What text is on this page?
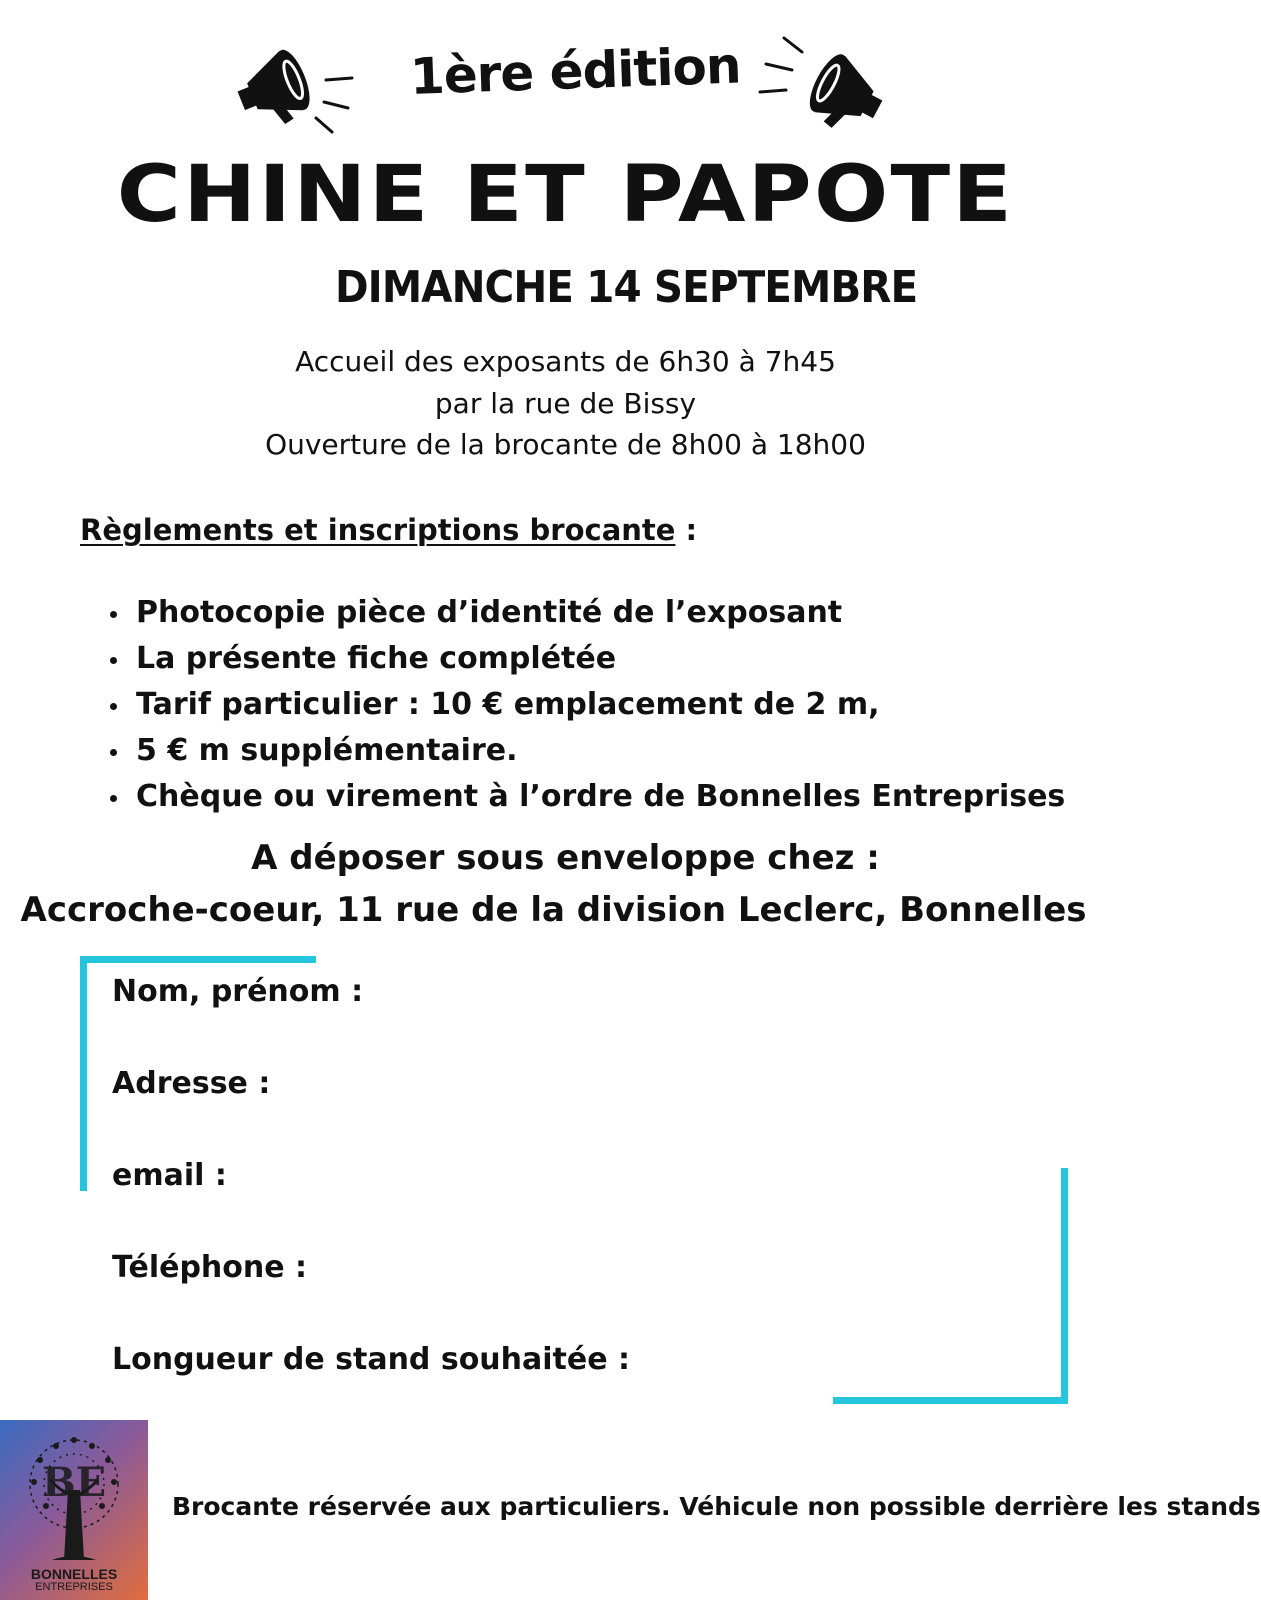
1ère édition
CHINE ET PAPOTE
DIMANCHE 14 SEPTEMBRE
Accueil des exposants de 6h30 à 7h45
par la rue de Bissy
Ouverture de la brocante de 8h00 à 18h00
Règlements et inscriptions brocante :
Photocopie pièce d’identité de l’exposant
La présente fiche complétée
Tarif particulier : 10 € emplacement de 2 m,
5 € m supplémentaire.
Chèque ou virement à l’ordre de Bonnelles Entreprises
A déposer sous enveloppe chez :
Accroche-coeur, 11 rue de la division Leclerc, Bonnelles
Nom, prénom :
Adresse :
email :
Téléphone :
Longueur de stand souhaitée :
BE
BONNELLES
ENTREPRISES
Brocante réservée aux particuliers. Véhicule non possible derrière les stands
